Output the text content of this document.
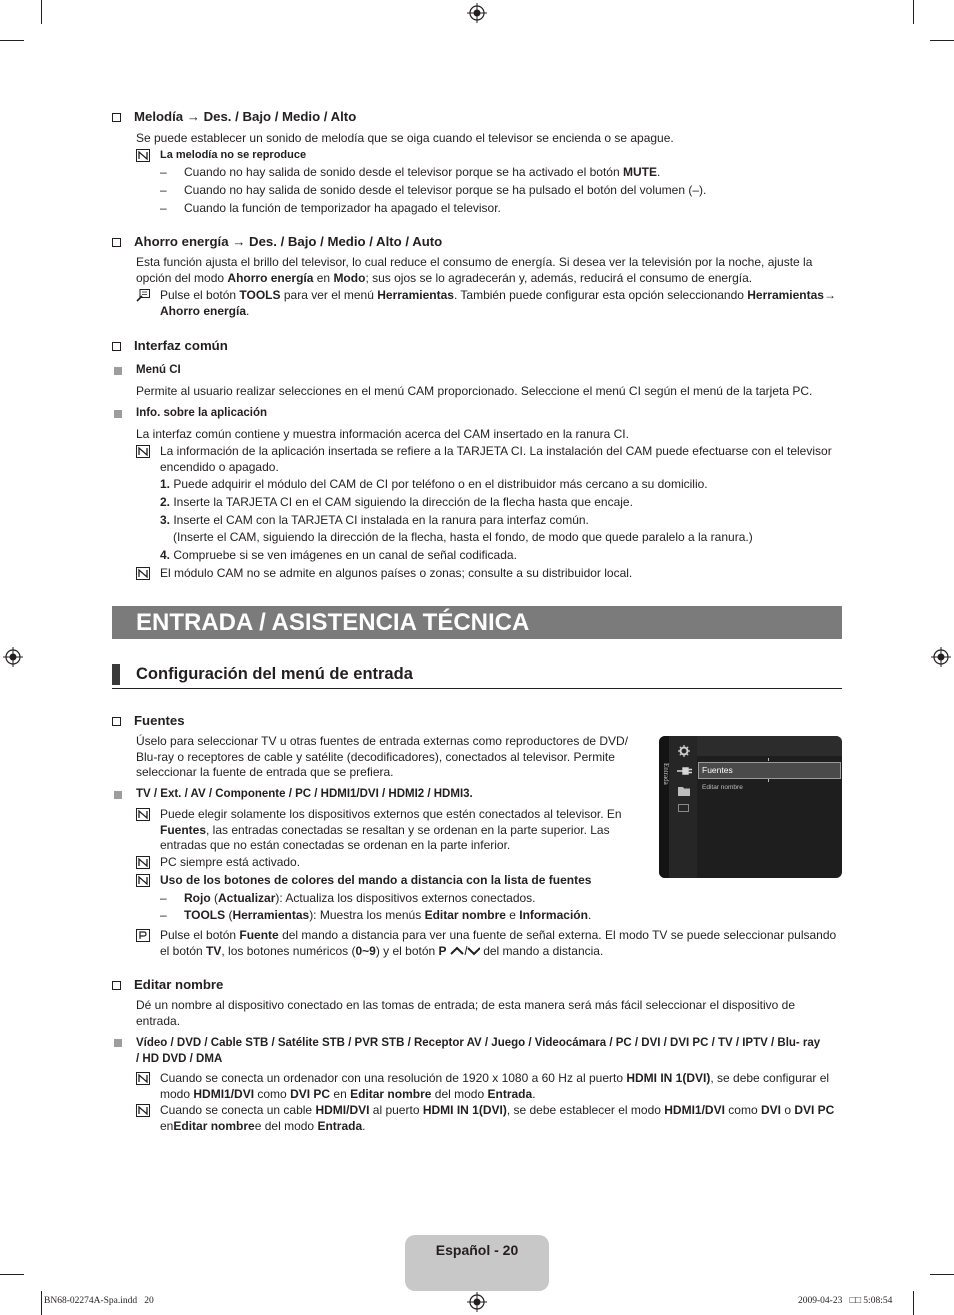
Melodía → Des. / Bajo / Medio / Alto
Se puede establecer un sonido de melodía que se oiga cuando el televisor se encienda o se apague.
La melodía no se reproduce
– Cuando no hay salida de sonido desde el televisor porque se ha activado el botón MUTE.
– Cuando no hay salida de sonido desde el televisor porque se ha pulsado el botón del volumen (–).
– Cuando la función de temporizador ha apagado el televisor.
Ahorro energía → Des. / Bajo / Medio / Alto / Auto
Esta función ajusta el brillo del televisor, lo cual reduce el consumo de energía. Si desea ver la televisión por la noche, ajuste la opción del modo Ahorro energía en Modo; sus ojos se lo agradecerán y, además, reducirá el consumo de energía.
Pulse el botón TOOLS para ver el menú Herramientas. También puede configurar esta opción seleccionando Herramientas→ Ahorro energía.
Interfaz común
Menú CI
Permite al usuario realizar selecciones en el menú CAM proporcionado. Seleccione el menú CI según el menú de la tarjeta PC.
Info. sobre la aplicación
La interfaz común contiene y muestra información acerca del CAM insertado en la ranura CI.
La información de la aplicación insertada se refiere a la TARJETA CI. La instalación del CAM puede efectuarse con el televisor encendido o apagado.
1. Puede adquirir el módulo del CAM de CI por teléfono o en el distribuidor más cercano a su domicilio.
2. Inserte la TARJETA CI en el CAM siguiendo la dirección de la flecha hasta que encaje.
3. Inserte el CAM con la TARJETA CI instalada en la ranura para interfaz común.
(Inserte el CAM, siguiendo la dirección de la flecha, hasta el fondo, de modo que quede paralelo a la ranura.)
4. Compruebe si se ven imágenes en un canal de señal codificada.
El módulo CAM no se admite en algunos países o zonas; consulte a su distribuidor local.
ENTRADA / ASISTENCIA TÉCNICA
Configuración del menú de entrada
Fuentes
Úselo para seleccionar TV u otras fuentes de entrada externas como reproductores de DVD/ Blu-ray o receptores de cable y satélite (decodificadores), conectados al televisor. Permite seleccionar la fuente de entrada que se prefiera.	Entrada	Fuentes
Editar nombre
TV / Ext. / AV / Componente / PC / HDMI1/DVI / HDMI2 / HDMI3.
Puede elegir solamente los dispositivos externos que estén conectados al televisor. En Fuentes, las entradas conectadas se resaltan y se ordenan en la parte superior. Las entradas que no están conectadas se ordenan en la parte inferior.
PC siempre está activado.
Uso de los botones de colores del mando a distancia con la lista de fuentes
– Rojo (Actualizar): Actualiza los dispositivos externos conectados.
– TOOLS (Herramientas): Muestra los menús Editar nombre e Información.
Pulse el botón Fuente del mando a distancia para ver una fuente de señal externa. El modo TV se puede seleccionar pulsando el botón TV, los botones numéricos (0~9) y el botón P	del mando a distancia.
Editar nombre
Dé un nombre al dispositivo conectado en las tomas de entrada; de esta manera será más fácil seleccionar el dispositivo de entrada.
Vídeo / DVD / Cable STB / Satélite STB / PVR STB / Receptor AV / Juego / Videocámara / PC / DVI / DVI PC / TV / IPTV / Blu- ray / HD DVD / DMA
Cuando se conecta un ordenador con una resolución de 1920 x 1080 a 60 Hz al puerto HDMI IN 1(DVI), se debe configurar el modo HDMI1/DVI como DVI PC en Editar nombre del modo Entrada.
Cuando se conecta un cable HDMI/DVI al puerto HDMI IN 1(DVI), se debe establecer el modo HDMI1/DVI como DVI o DVI PC enEditar nombree del modo Entrada.
Español - 20
BN68-02274A-Spa.indd   20	2009-04-23   □□ 5:08:54
